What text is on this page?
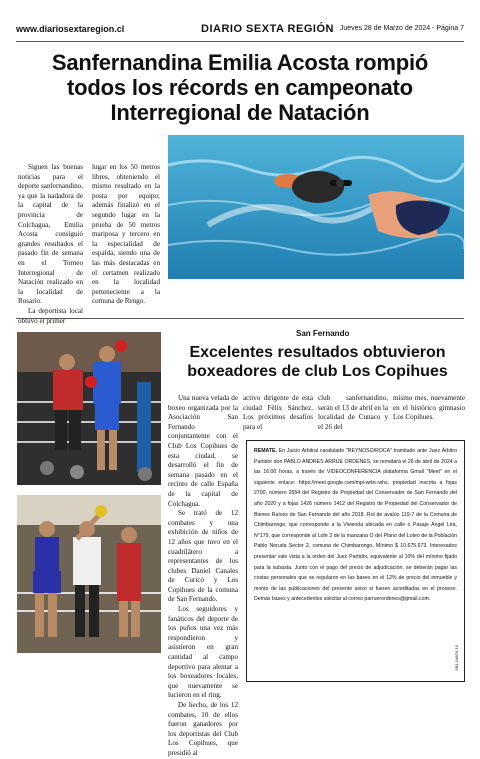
www.diariosextaregion.cl	DIARIO SEXTA REGIÓN Jueves 28 de Marzo de 2024 - Página 7
Sanfernandina Emilia Acosta rompió todos los récords en campeonato Interregional de Natación

Siguen las buenas noticias para el deporte sanfernandino, ya que la nadadora de la capital de la provincia de Colchagua, Emilia Acosta consiguió grandes resultados el pasado fin de semana en el Torneo Interregional de Natación realizado en la localidad de Rosario.

La deportista local obtuvo el primer

lugar en los 50 metros libres, obteniendo el mismo resultado en la posta por equipo; además finalizó en el segundo lugar en la prueba de 50 metros mariposa y tercero en la especialidad de espalda, siendo una de las más destacadas en el certamen realizado en la localidad perteneciente a la comuna de Rengo.

San Fernando
Excelentes resultados obtuvieron boxeadores de club Los Copihues

Una nueva velada de boxeo organizada por la Asociación San Fernando conjuntamente con el Club Los Copihues de esta ciudad, se desarrolló el fin de semana pasado en el recinto de calle España de la capital de Colchagua.

Se trató de 12 combates y una exhibición de niños de 12 años que tuvo en el cuadrilátero a representantes de los clubes Daniel Canales de Curicó y Los Copihues de la comuna de San Fernando.

Los seguidores y fanáticos del deporte de los puños una vez más respondieron y asistieron en gran cantidad al campo deportivo para alentar a los boxeadores locales, que nuevamente se lucieron en el ring.

De hecho, de los 12 combates, 10 de ellos fueron ganadores por los deportistas del Club Los Copihues, que presidió al

activo dirigente de esta ciudad Félix Sánchez. Los próximos desafíos para el

club sanfernandino, serán el 13 de abril en la localidad de Cunaco y el 26 del

mismo mes, nuevamente en el histórico gimnasio Los Copihues.

REMATE. En Juicio Arbitral caratulado "REYNOSO/ROCA" tramitado ante Juez Árbitro Partidor don PABLO ANDRES ARRUE ORDENES, se rematará el 26 de abril de 2024 a las 16:00 horas, a través de VIDEOCONFERENCIA plataforma Gmail "Meet" en el siguiente enlace: https://meet.google.com/mpi-wrbc-whs, propiedad inscrita a fojas 2700, número 2654 del Registro de Propiedad del Conservador de San Fernando del año 2020 y a fojas 1426 número 1412 del Registro de Propiedad del Conservador de Bienes Raíces de San Fernando del año 2018. Rol de avalúo 119-7 de la Comuna de Chimbarongo, que corresponde a la Vivienda ubicada en calle o Pasaje Ángel Lira, N°179, que corresponde al Lote 3 de la manzana O del Plano del Loteo de la Población Pablo Neruda Sector 2, comuna de Chimbarongo. Mínimo $ 10.675.673. Interesados presentar vale vista a la orden del Juez Partidor, equivalente al 10% del mínimo fijado para la subasta. Junto con el pago del precio de adjudicación, se deberán pagar las costas personales que se regularon en las bases en el 12% de precio del inmueble y monto de las publicaciones del presente aviso si fueren acreditadas en el proceso. Demás bases y antecedentes solicitar al correo parruerordenes@gmail.com.

SB1-04876-10
